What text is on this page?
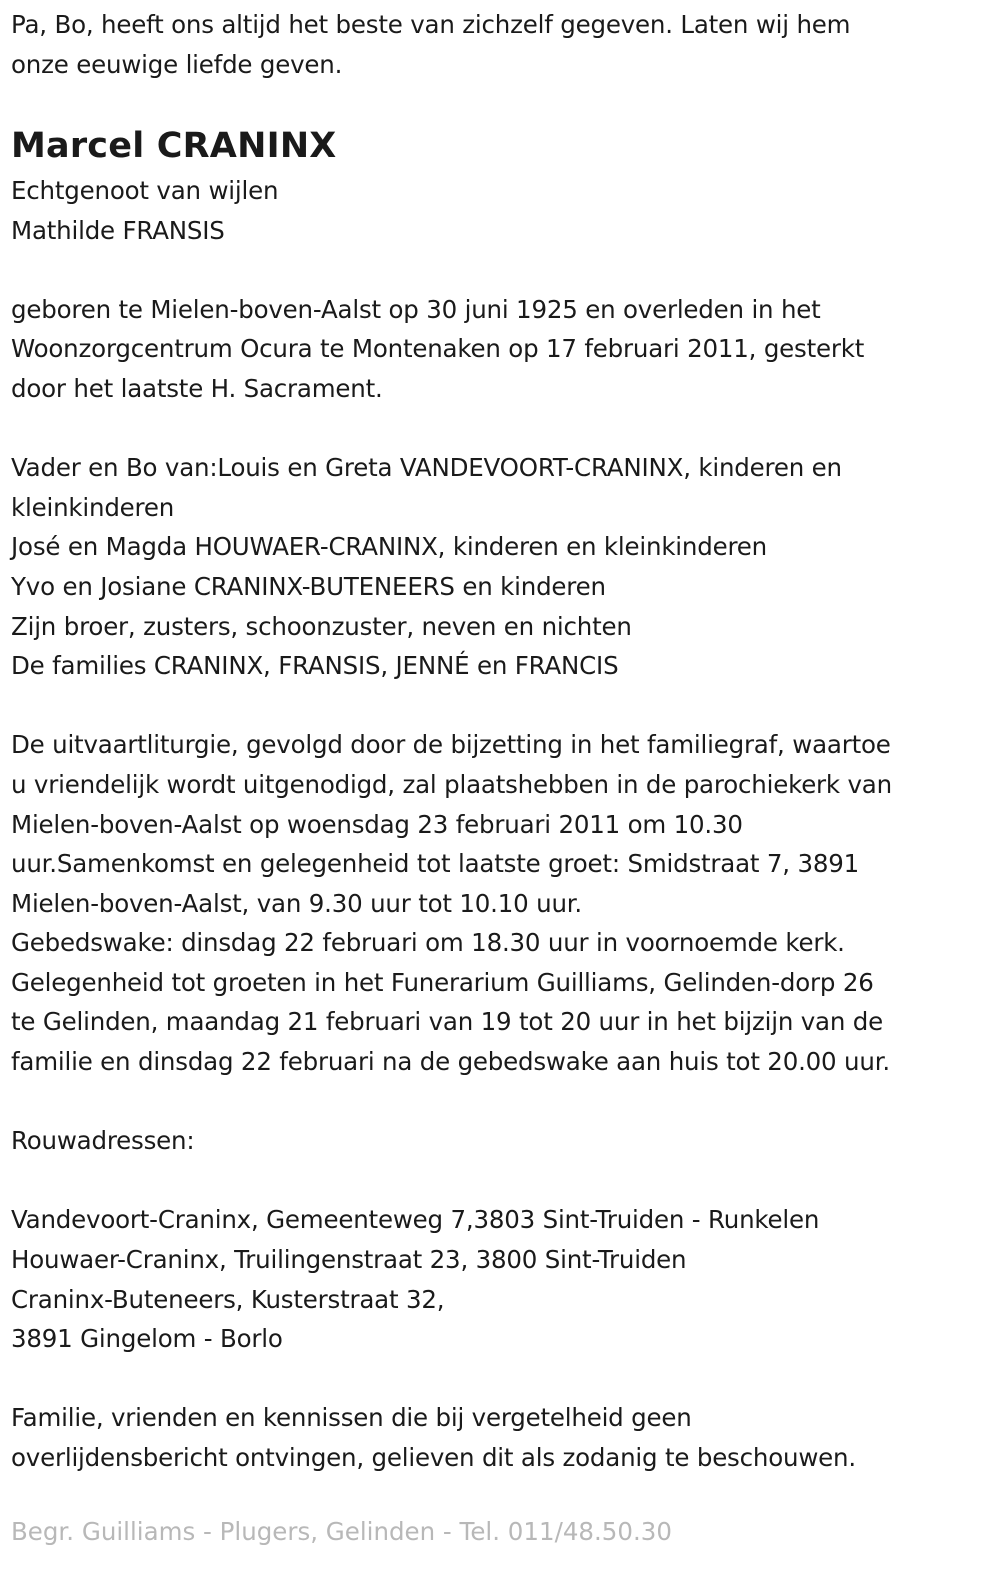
Pa, Bo, heeft ons altijd het beste van zichzelf gegeven. Laten wij hem
onze eeuwige liefde geven.
Marcel CRANINX
Echtgenoot van wijlen
Mathilde FRANSIS
geboren te Mielen-boven-Aalst op 30 juni 1925 en overleden in het
Woonzorgcentrum Ocura te Montenaken op 17 februari 2011, gesterkt
door het laatste H. Sacrament.
Vader en Bo van:Louis en Greta VANDEVOORT-CRANINX, kinderen en
kleinkinderen
José en Magda HOUWAER-CRANINX, kinderen en kleinkinderen
Yvo en Josiane CRANINX-BUTENEERS en kinderen
Zijn broer, zusters, schoonzuster, neven en nichten
De families CRANINX, FRANSIS, JENNÉ en FRANCIS
De uitvaartliturgie, gevolgd door de bijzetting in het familiegraf, waartoe
u vriendelijk wordt uitgenodigd, zal plaatshebben in de parochiekerk van
Mielen-boven-Aalst op woensdag 23 februari 2011 om 10.30
uur.Samenkomst en gelegenheid tot laatste groet: Smidstraat 7, 3891
Mielen-boven-Aalst, van 9.30 uur tot 10.10 uur.
Gebedswake: dinsdag 22 februari om 18.30 uur in voornoemde kerk.
Gelegenheid tot groeten in het Funerarium Guilliams, Gelinden-dorp 26
te Gelinden, maandag 21 februari van 19 tot 20 uur in het bijzijn van de
familie en dinsdag 22 februari na de gebedswake aan huis tot 20.00 uur.
Rouwadressen:
Vandevoort-Craninx, Gemeenteweg 7,3803 Sint-Truiden - Runkelen
Houwaer-Craninx, Truilingenstraat 23, 3800 Sint-Truiden
Craninx-Buteneers, Kusterstraat 32,
3891 Gingelom - Borlo
Familie, vrienden en kennissen die bij vergetelheid geen
overlijdensbericht ontvingen, gelieven dit als zodanig te beschouwen.
Begr. Guilliams - Plugers, Gelinden - Tel. 011/48.50.30
